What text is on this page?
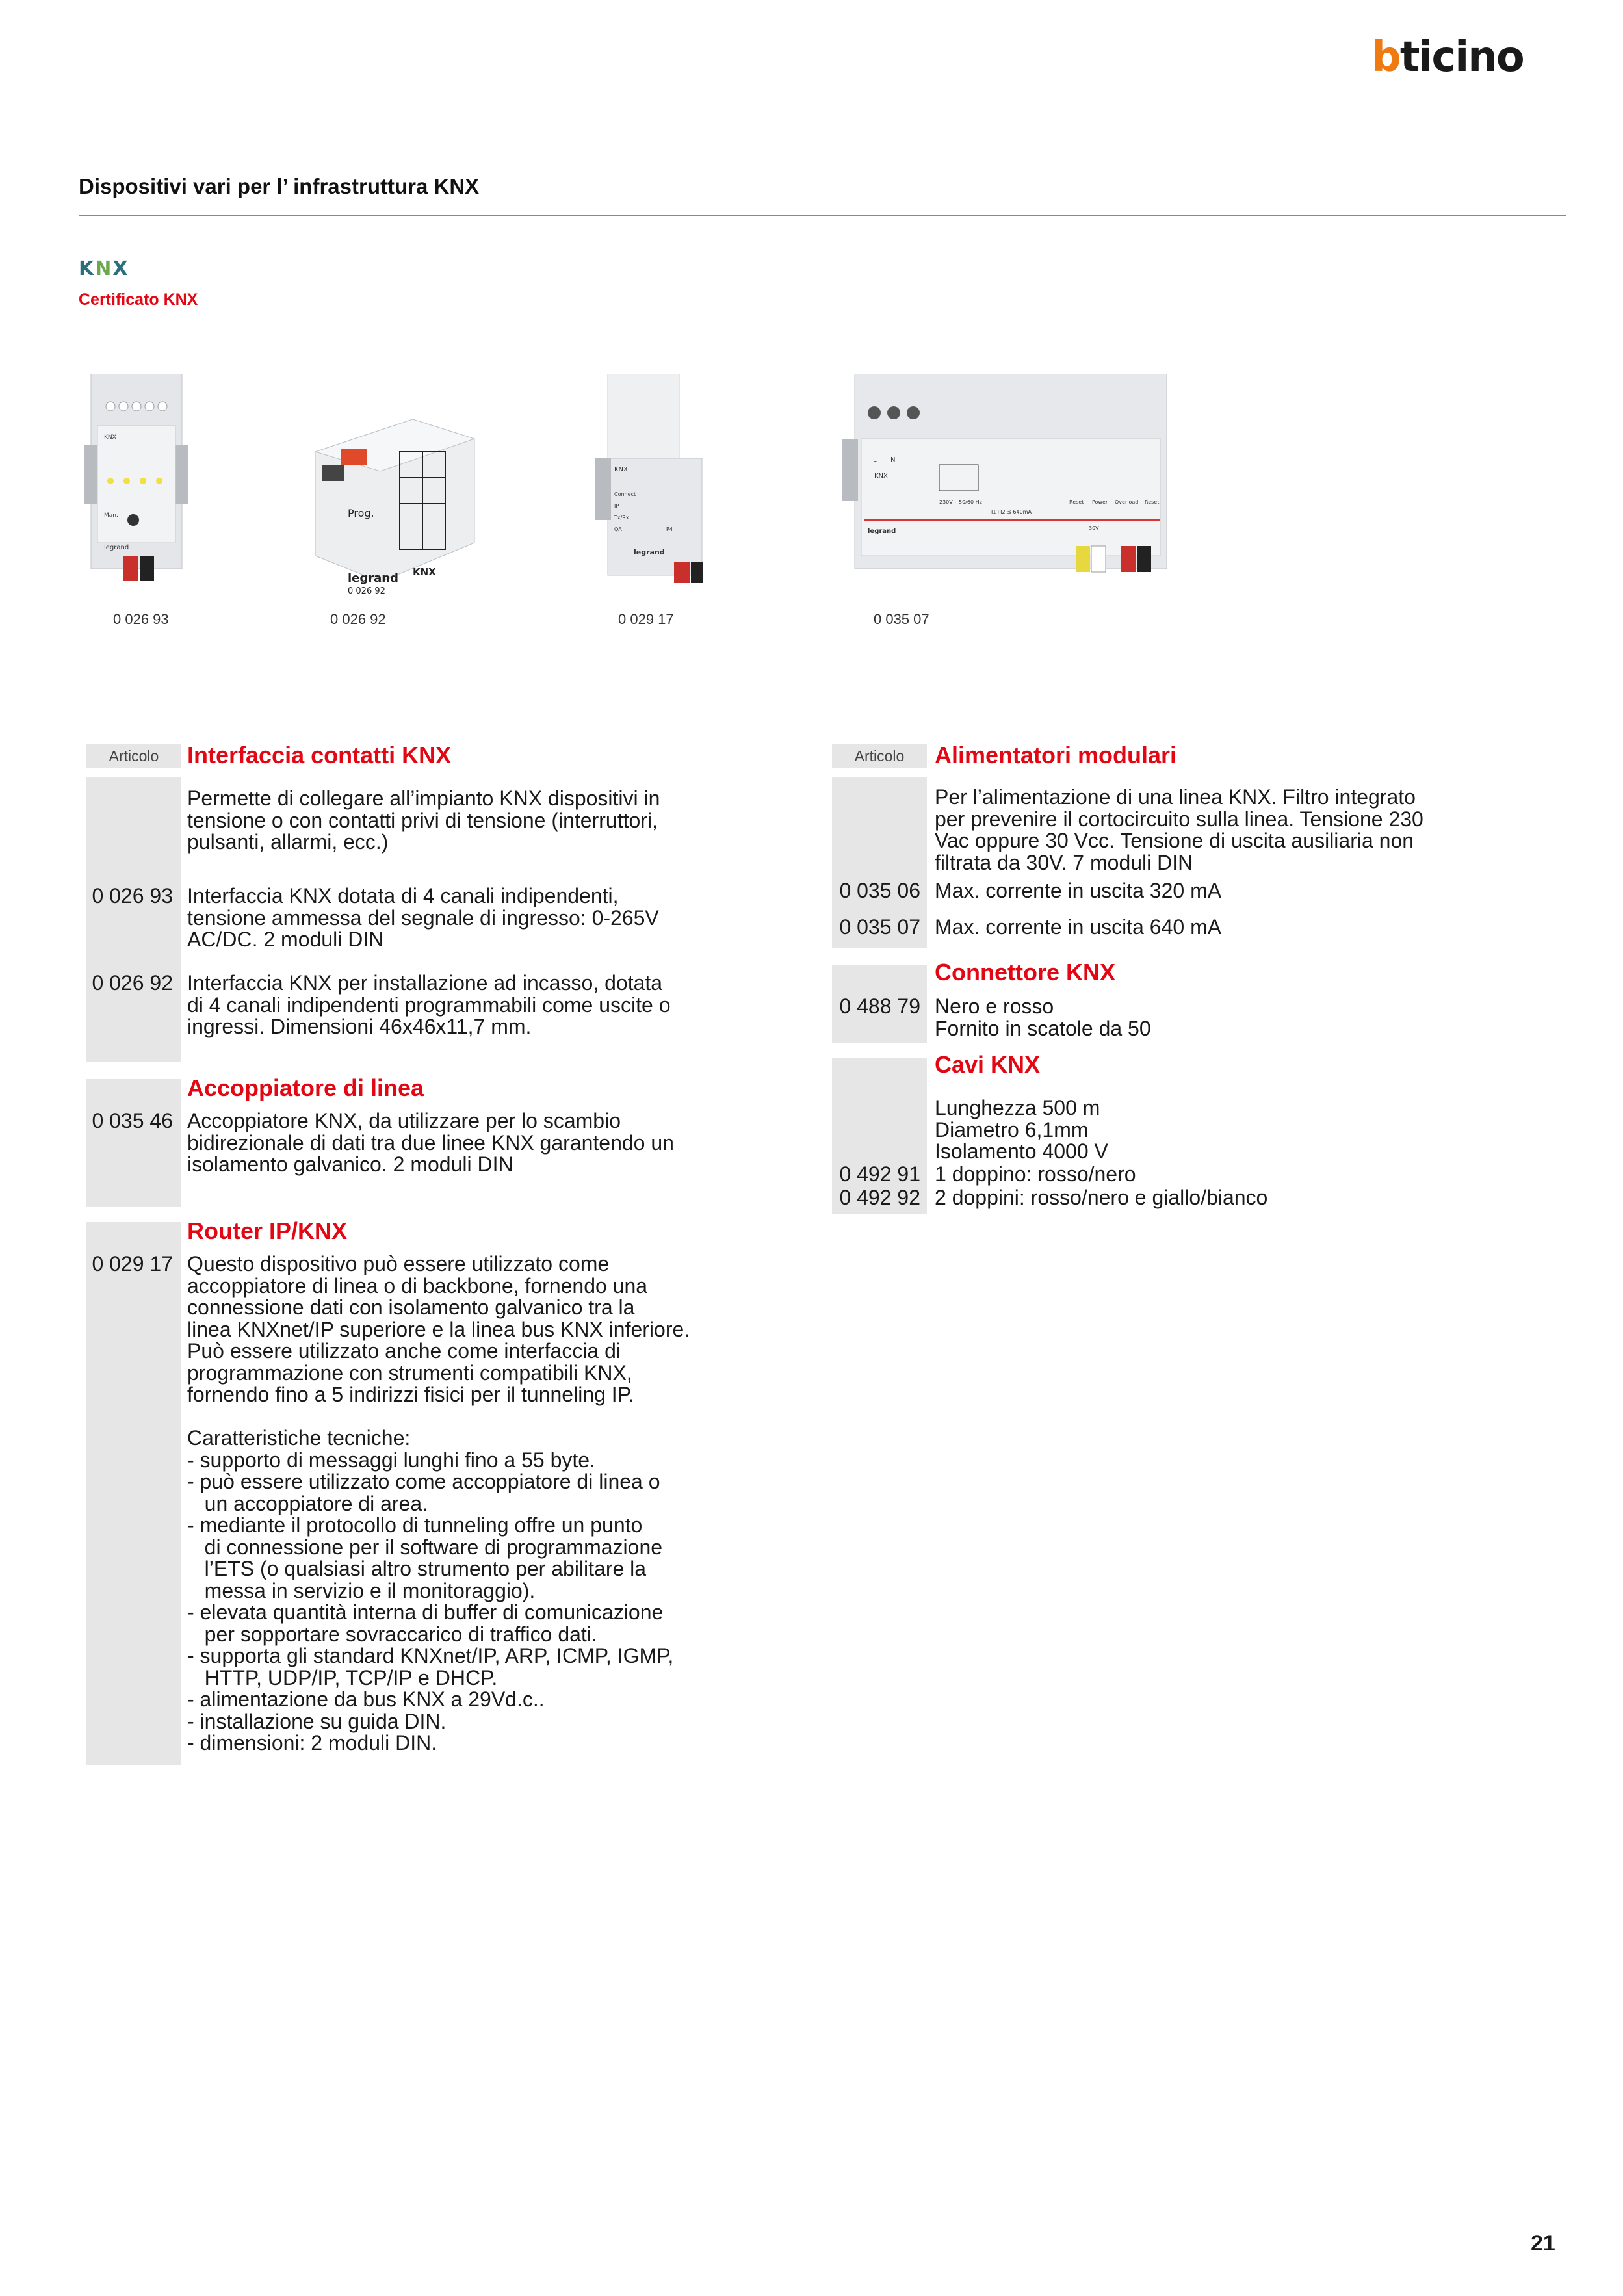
bticino
Dispositivi vari per l’ infrastruttura KNX
KNX
Certificato KNX
KNX
Man.
legrand
0 026 93
Prog.
legrand
0 026 92
KNX
0 026 92
KNX
Connect
IP
Tx/Rx
QA	P4
legrand
0 029 17
L N
KNX
230V~ 50/60 Hz
I1+I2 ≤ 640mA
Reset Power Overload Reset
30V
legrand
0 035 07
Articolo	Interfaccia contatti KNX
Permette di collegare all’impianto KNX dispositivi in
tensione o con contatti privi di tensione (interruttori,
pulsanti, allarmi, ecc.)
0 026 93 Interfaccia KNX dotata di 4 canali indipendenti,
tensione ammessa del segnale di ingresso: 0-265V
AC/DC. 2 moduli DIN
0 026 92 Interfaccia KNX per installazione ad incasso, dotata
di 4 canali indipendenti programmabili come uscite o
ingressi. Dimensioni 46x46x11,7 mm.
Accoppiatore di linea
0 035 46 Accoppiatore KNX, da utilizzare per lo scambio
bidirezionale di dati tra due linee KNX garantendo un
isolamento galvanico. 2 moduli DIN
Router IP/KNX
0 029 17 Questo dispositivo può essere utilizzato come
accoppiatore di linea o di backbone, fornendo una
connessione dati con isolamento galvanico tra la
linea KNXnet/IP superiore e la linea bus KNX inferiore.
Può essere utilizzato anche come interfaccia di
programmazione con strumenti compatibili KNX,
fornendo fino a 5 indirizzi fisici per il tunneling IP.

Caratteristiche tecniche:
- supporto di messaggi lunghi fino a 55 byte.
- può essere utilizzato come accoppiatore di linea o
un accoppiatore di area.
- mediante il protocollo di tunneling offre un punto
di connessione per il software di programmazione
l’ETS (o qualsiasi altro strumento per abilitare la
messa in servizio e il monitoraggio).
- elevata quantità interna di buffer di comunicazione
per sopportare sovraccarico di traffico dati.
- supporta gli standard KNXnet/IP, ARP, ICMP, IGMP,
HTTP, UDP/IP, TCP/IP e DHCP.
- alimentazione da bus KNX a 29Vd.c..
- installazione su guida DIN.
- dimensioni: 2 moduli DIN.
Articolo	Alimentatori modulari
Per l’alimentazione di una linea KNX. Filtro integrato
per prevenire il cortocircuito sulla linea. Tensione 230
Vac oppure 30 Vcc. Tensione di uscita ausiliaria non
filtrata da 30V. 7 moduli DIN
0 035 06 Max. corrente in uscita 320 mA
0 035 07 Max. corrente in uscita 640 mA
Connettore KNX
0 488 79 Nero e rosso
Fornito in scatole da 50
Cavi KNX
Lunghezza 500 m
Diametro 6,1mm
Isolamento 4000 V
0 492 91 1 doppino: rosso/nero
0 492 92 2 doppini: rosso/nero e giallo/bianco
21
